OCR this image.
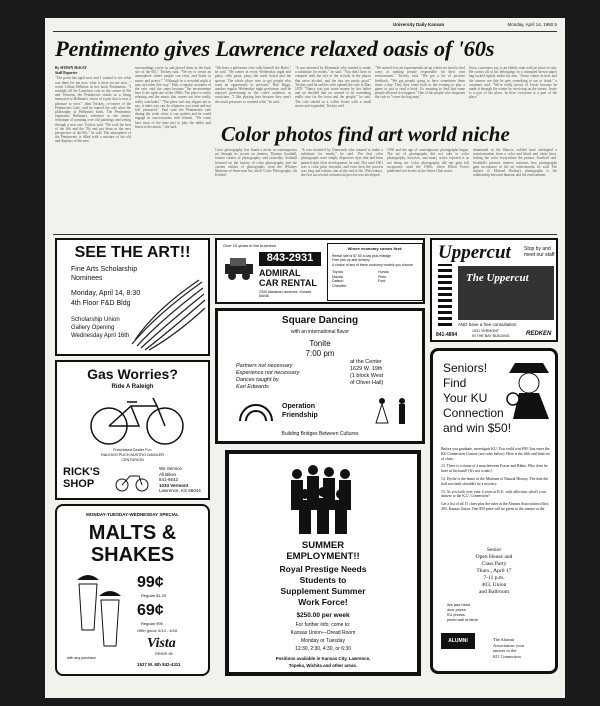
University Daily Kansan	Monday, April 14, 1980 5
Pentimento gives Lawrence relaxed oasis of '60s

By SHAWN McKAY

Staff Reporter

"The point has aged now and I wanted to see what was there for me now, what is there for me now..." wrote Lillian Hellman in her book Pentimento. "I multiply all the Lawrence cafe as the corner of 9th and Vermont, the Pentimento stands as a living memorial to Hellman's vision of a past that is now a pleasure to view." John Trickey, co-owner of the Pentimento Cafe, said he named the cafe after the philosophy of Hellman's book. The Pentimento represents Hellman's reference to the artistic technique of painting over old paintings and seeing through a new one, Trickey said. "We took the best of the 60s and the 70s and put them in the new perspective of the 80s," he said. The atmosphere of the Pentimento is filled with a mixture of the old and displays of the new.

surroundings you're in and placed them in the back site of the 60s," Trickey said. "We try to create an atmosphere where people can relax and listen to music and poetry." "Although in a crowded night it may not seem that way." Pam, a regular customer of the cafe, said she came because "the environment here is the right one of the 1960s. The place is really relaxing and the music that comes out here really, really concludes." "The place isn't any slipper not to say; it takes you can do whatever you want and not feel pressured." Paul said the Pentimento cafe during the week when it was quieter and he could engage in conversations with friends. "We come here most of the time just to play the tables and listen to the music," she said.

"We have a performer who calls himself the Hobo," he said. "He comes in every Wednesday night and plays, sells pasta, plays the wash board and the spoons. The whole place tries to get people who want an opportunity to perform." Bob Riggs, another regular Wednesday night performer, said he enjoyed performing in the cafe's audience as musicians. "I like playing here because they aren't the usual pressures to contend with," he said.

"It was invented by Diamonds who wanted to make a substitute for mealy," he said. "You don't have to compete with the rest of the crowds in the places that serve alcohol, and the tips are pretty good." Trickey said he and his wife opened the cafe in May 1978. "Nancy was just some money by her father and we decided that we wanted to do something really nice for the town and the people," he said. The cafe started as a coffee house with a small stereo and expanded, Trickey said.

"We started it as an experimental set-up where we tried to find ways of making people responsible for their own environment," Trickey said. "We got a lot of positive feedback. "We got people going to have sometimes three times a day. They they come back to the evening to play a game or just to read a book. It's amazing to find that some people allowed it to happen." One of the people who frequents the cafe to "cover the bag man."

Jesse, customers say, is an elderly man with no place to stay. He carries all of his belongings in a crumpled brown paper bag tucked tightly under his arm. "Jessie comes in here and the owners see that he gets something to eat or drink," a customer said. "We're really proud of Jessie because he made it through the winter by surviving on the streets. Jessie is a part of the place. In here, everyone is a part of the place."

Color photos find art world niche

Color photography has found a niche in contemporary art through its accent on themes, Thomas Southall, former curator of photography, said yesterday. Southall lectured on the history of color photography and the current exhibit of photographs from the Whitney Museum of American Art, titled 'Color Photographs: An Exhibit'.

"It was invented by Diamonds who wanted to make a substitute for mealy," he said. The first color photographs were simply dispersive dyes that had been painted after their development, he said. Not until 1861 was a color print invented, and even then the process was long and tedious, but at the end of the 19th century, the first successful commercial process was developed.

1950 and the age of contemporary photographs began. The art of photographs did not take to color photography, however, and many critics rejected it as not being art. Color photography did not gain full acceptance until the 1960s, when Elliott Porter published two books in the Sierra Club series.

dominated in the Barrow exhibit have attempted a transformation from a color and black and white lines, feeling the color everywhere the picture, Southall said. Southall's primary interest concerns how photographs gain acceptance of the art environment, he said. The subject of Michael Bishop's photographs is the relationship between humans and the environment.

SEE THE ART!!
Fine Arts Scholarship
Nominees
Monday, April 14, 8:30
4th Floor F&D Bldg
Scholarship Union Gallery Opening Wednesday April 16th
Over 15 years in the business
843-2931
ADMIRAL
CAR RENTAL
2340 Alabama Lawrence, Kansas 66046
Where economy comes first:
Rental rate of $7.50 a day plus mileage
Free pick up and delivery
A choice of any of these economy models you choose
Toyota
Mazda
Datsun
Chevette
Honda
Pinto
Ford
Uppercut	Stop by and
meet our staff
The Uppercut
AND have a free consultation
841-4894
1031 VERMONT
IN THE BAY BUILDING	REDKEN
Square Dancing
with an international flavor
Tonite
7:00 pm
Partners not necessary
Experience not necessary
Dances taught by
Kari Edwards
at the Center
1629 W. 19th
(1 block West
of Oliver Hall)
Operation
Friendship
Building Bridges Between Cultures
Gas Worries?
Ride A Raleigh
Franchised Dealer For:
RALEIGH PUCH AUSTRO DAIMLER
CENTURION
RICK'S
SHOP
We Service
All Bikes
841-6642
1033 Vermont
Lawrence, KS 66044
Seniors!
Find
Your KU
Connection
and win $50!

Before you graduate, investigate KU. You could win $50! Just enter the KU Connection Contest (see rules below). Here is the fifth and final set of clues:

13. There is a statue of a man between Fraser and Blake. Who does he have in his hand? (It's not a rake.)

14. Dyche is the home of the Museum of Natural History. The date the hall was built shouldn't be a mystery.

15. As you look over your 4 years at K.U. with affection; what's your answer to the K.U. Connection?

Get a list of all 15 clues plus the rules at the Alumni Association office, 403, Kansas Union. One $50 prize will be given to the winner at the

Senior
Open House and
Class Party
Thurs., April 17
7-11 p.m.
403, Union
and Ballroom
live jazz band
door prizes
KU photos
photo wall of fame
ALUMNI	The Alumni
Association: your
answer to the
KU Connection
MONDAY-TUESDAY-WEDNESDAY SPECIAL
MALTS &
SHAKES
99¢
Regular $1.29
69¢
Regular 99¢
Offer good: 4/14 - 4/16
Vista
DRIVE-IN
with any purchase
1527 W. 6th 842-4311
SUMMER
EMPLOYMENT!!
Royal Prestige Needs
Students to
Supplement Summer
Work Force!
$250.00 per week
For further info; come to:
Kansas Union—Oread Room
Monday or Tuesday
12:30, 2:30, 4:30, or 6:30
Positions available in Kansas City, Lawrence,
Topeka, Wichita and other areas.
